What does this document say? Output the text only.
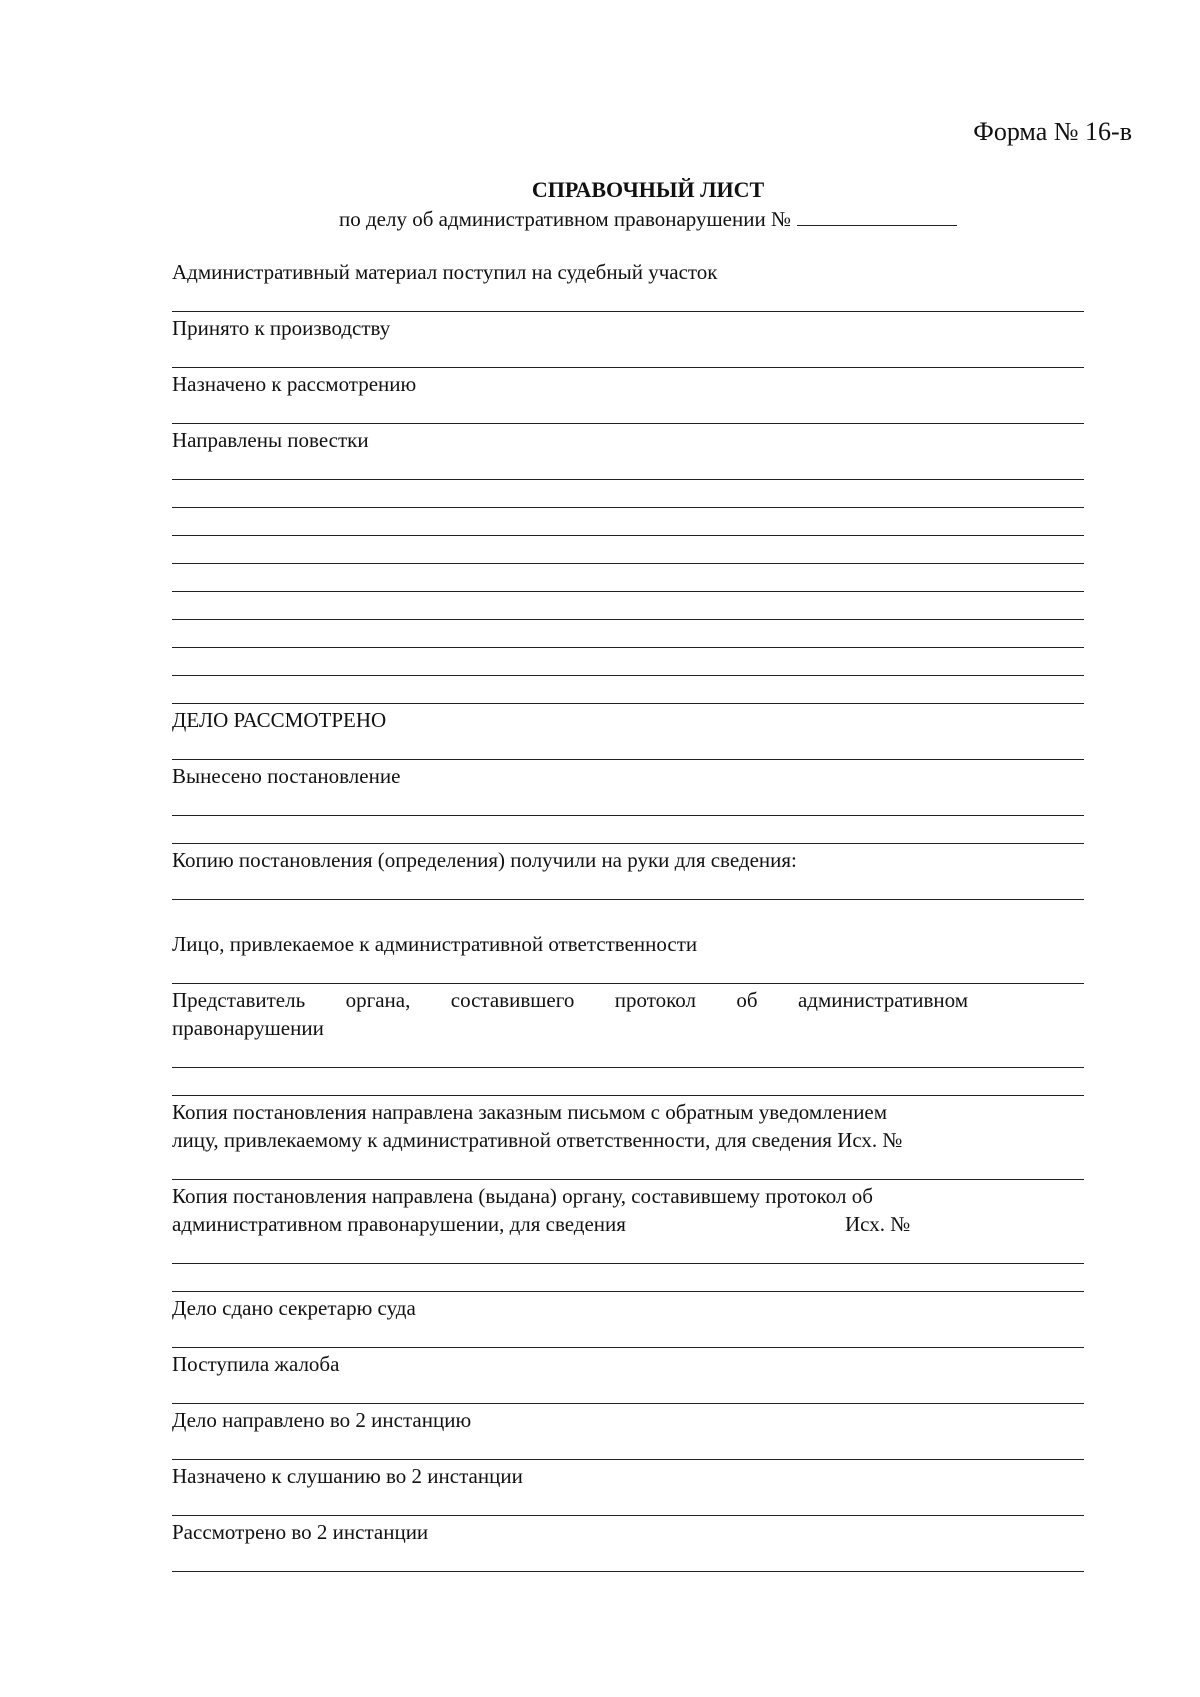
Форма № 16-в
СПРАВОЧНЫЙ ЛИСТ
по делу об административном правонарушении №
Административный материал поступил на судебный участок
Принято к производству
Назначено к рассмотрению
Направлены повестки
ДЕЛО РАССМОТРЕНО
Вынесено постановление
Копию постановления (определения) получили на руки для сведения:
Лицо, привлекаемое к административной ответственности
Представитель органа, составившего протокол об административном
правонарушении
Копия постановления направлена заказным письмом с обратным уведомлением
лицу, привлекаемому к административной ответственности, для сведения Исх. №
Копия постановления направлена (выдана) органу, составившему протокол об
административном правонарушении, для сведения	Исх. №
Дело сдано секретарю суда
Поступила жалоба
Дело направлено во 2 инстанцию
Назначено к слушанию во 2 инстанции
Рассмотрено во 2 инстанции
